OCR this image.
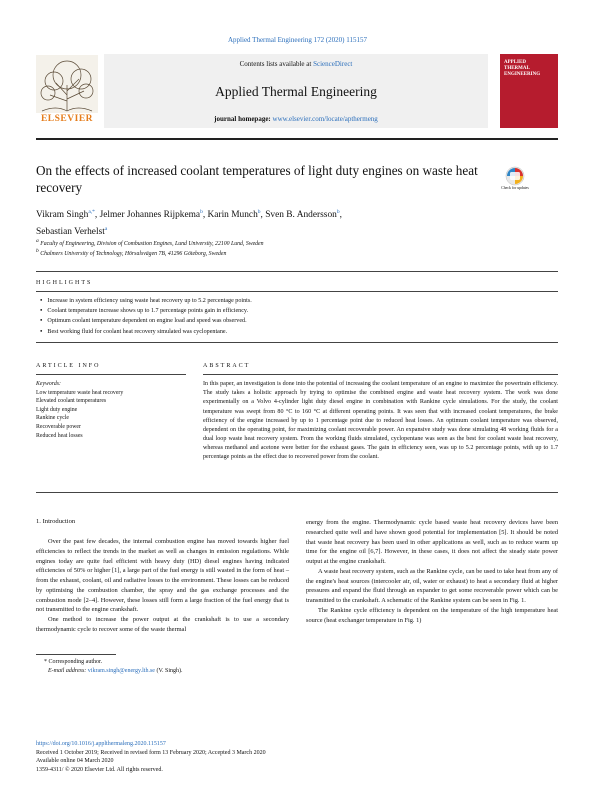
Applied Thermal Engineering 172 (2020) 115157
ELSEVIER
Contents lists available at ScienceDirect
Applied Thermal Engineering
journal homepage: www.elsevier.com/locate/apthermeng
APPLIED
THERMAL
ENGINEERING
On the effects of increased coolant temperatures of light duty engines on waste heat recovery	Check for updates
Vikram Singh$^{a,*}$, Jelmer Johannes Rijpkema$^b$, Karin Munch$^b$, Sven B. Andersson$^b$,
Sebastian Verhelst$^a$
$^a$ Faculty of Engineering, Division of Combustion Engines, Lund University, 22100 Lund, Sweden
$^b$ Chalmers University of Technology, Hörsalsvägen 7B, 41296 Göteborg, Sweden
HIGHLIGHTS
● Increase in system efficiency using waste heat recovery up to 5.2 percentage points.
● Coolant temperature increase shows up to 1.7 percentage points gain in efficiency.
● Optimum coolant temperature dependent on engine load and speed was observed.
● Best working fluid for coolant heat recovery simulated was cyclopentane.
ARTICLE INFO	ABSTRACT
Keywords:
Low temperature waste heat recovery
Elevated coolant temperatures
Light duty engine
Rankine cycle
Recoverable power
Reduced heat losses
In this paper, an investigation is done into the potential of increasing the coolant temperature of an engine to maximize the powertrain efficiency. The study takes a holistic approach by trying to optimise the combined engine and waste heat recovery system. The work was done experimentally on a Volvo 4-cylinder light duty diesel engine in combination with Rankine cycle simulations. For the study, the coolant temperature was swept from 80 °C to 160 °C at different operating points. It was seen that with increased coolant temperatures, the brake efficiency of the engine increased by up to 1 percentage point due to reduced heat losses. An optimum coolant temperature was observed, dependent on the operating point, for maximizing coolant recoverable power. An expansive study was done simulating 48 working fluids for a dual loop waste heat recovery system. From the working fluids simulated, cyclopentane was seen as the best for coolant waste heat recovery, whereas methanol and acetone were better for the exhaust gases. The gain in efficiency seen, was up to 5.2 percentage points, with up to 1.7 percentage points as the effect due to recovered power from the coolant.
1. Introduction

Over the past few decades, the internal combustion engine has moved towards higher fuel efficiencies to reflect the trends in the market as well as changes in emission regulations. While engines today are quite fuel efficient with heavy duty (HD) diesel engines having indicated efficiencies of 50% or higher [1], a large part of the fuel energy is still wasted in the form of heat – from the exhaust, coolant, oil and radiative losses to the environment. These losses can be reduced by optimising the combustion chamber, the spray and the gas exchange processes and the combustion mode [2–4]. However, these losses still form a large fraction of the fuel energy that is not transmitted to the engine crankshaft.

One method to increase the power output at the crankshaft is to use a secondary thermodynamic cycle to recover some of the waste thermal

energy from the engine. Thermodynamic cycle based waste heat recovery devices have been researched quite well and have shown good potential for implementation [5]. It should be noted that waste heat recovery has been used in other applications as well, such as to reduce warm up time for the engine oil [6,7]. However, in these cases, it does not affect the steady state power output at the engine crankshaft.

A waste heat recovery system, such as the Rankine cycle, can be used to take heat from any of the engine's heat sources (intercooler air, oil, water or exhaust) to heat a secondary fluid at higher pressures and expand the fluid through an expander to get some recoverable power which can be transmitted to the crankshaft. A schematic of the Rankine system can be seen in Fig. 1.

The Rankine cycle efficiency is dependent on the temperature of the high temperature heat source (heat exchanger temperature in Fig. 1)

* Corresponding author.
E-mail address: vikram.singh@energy.lth.se (V. Singh).
https://doi.org/10.1016/j.applthermaleng.2020.115157
Received 1 October 2019; Received in revised form 13 February 2020; Accepted 3 March 2020
Available online 04 March 2020
1359-4311/ © 2020 Elsevier Ltd. All rights reserved.
